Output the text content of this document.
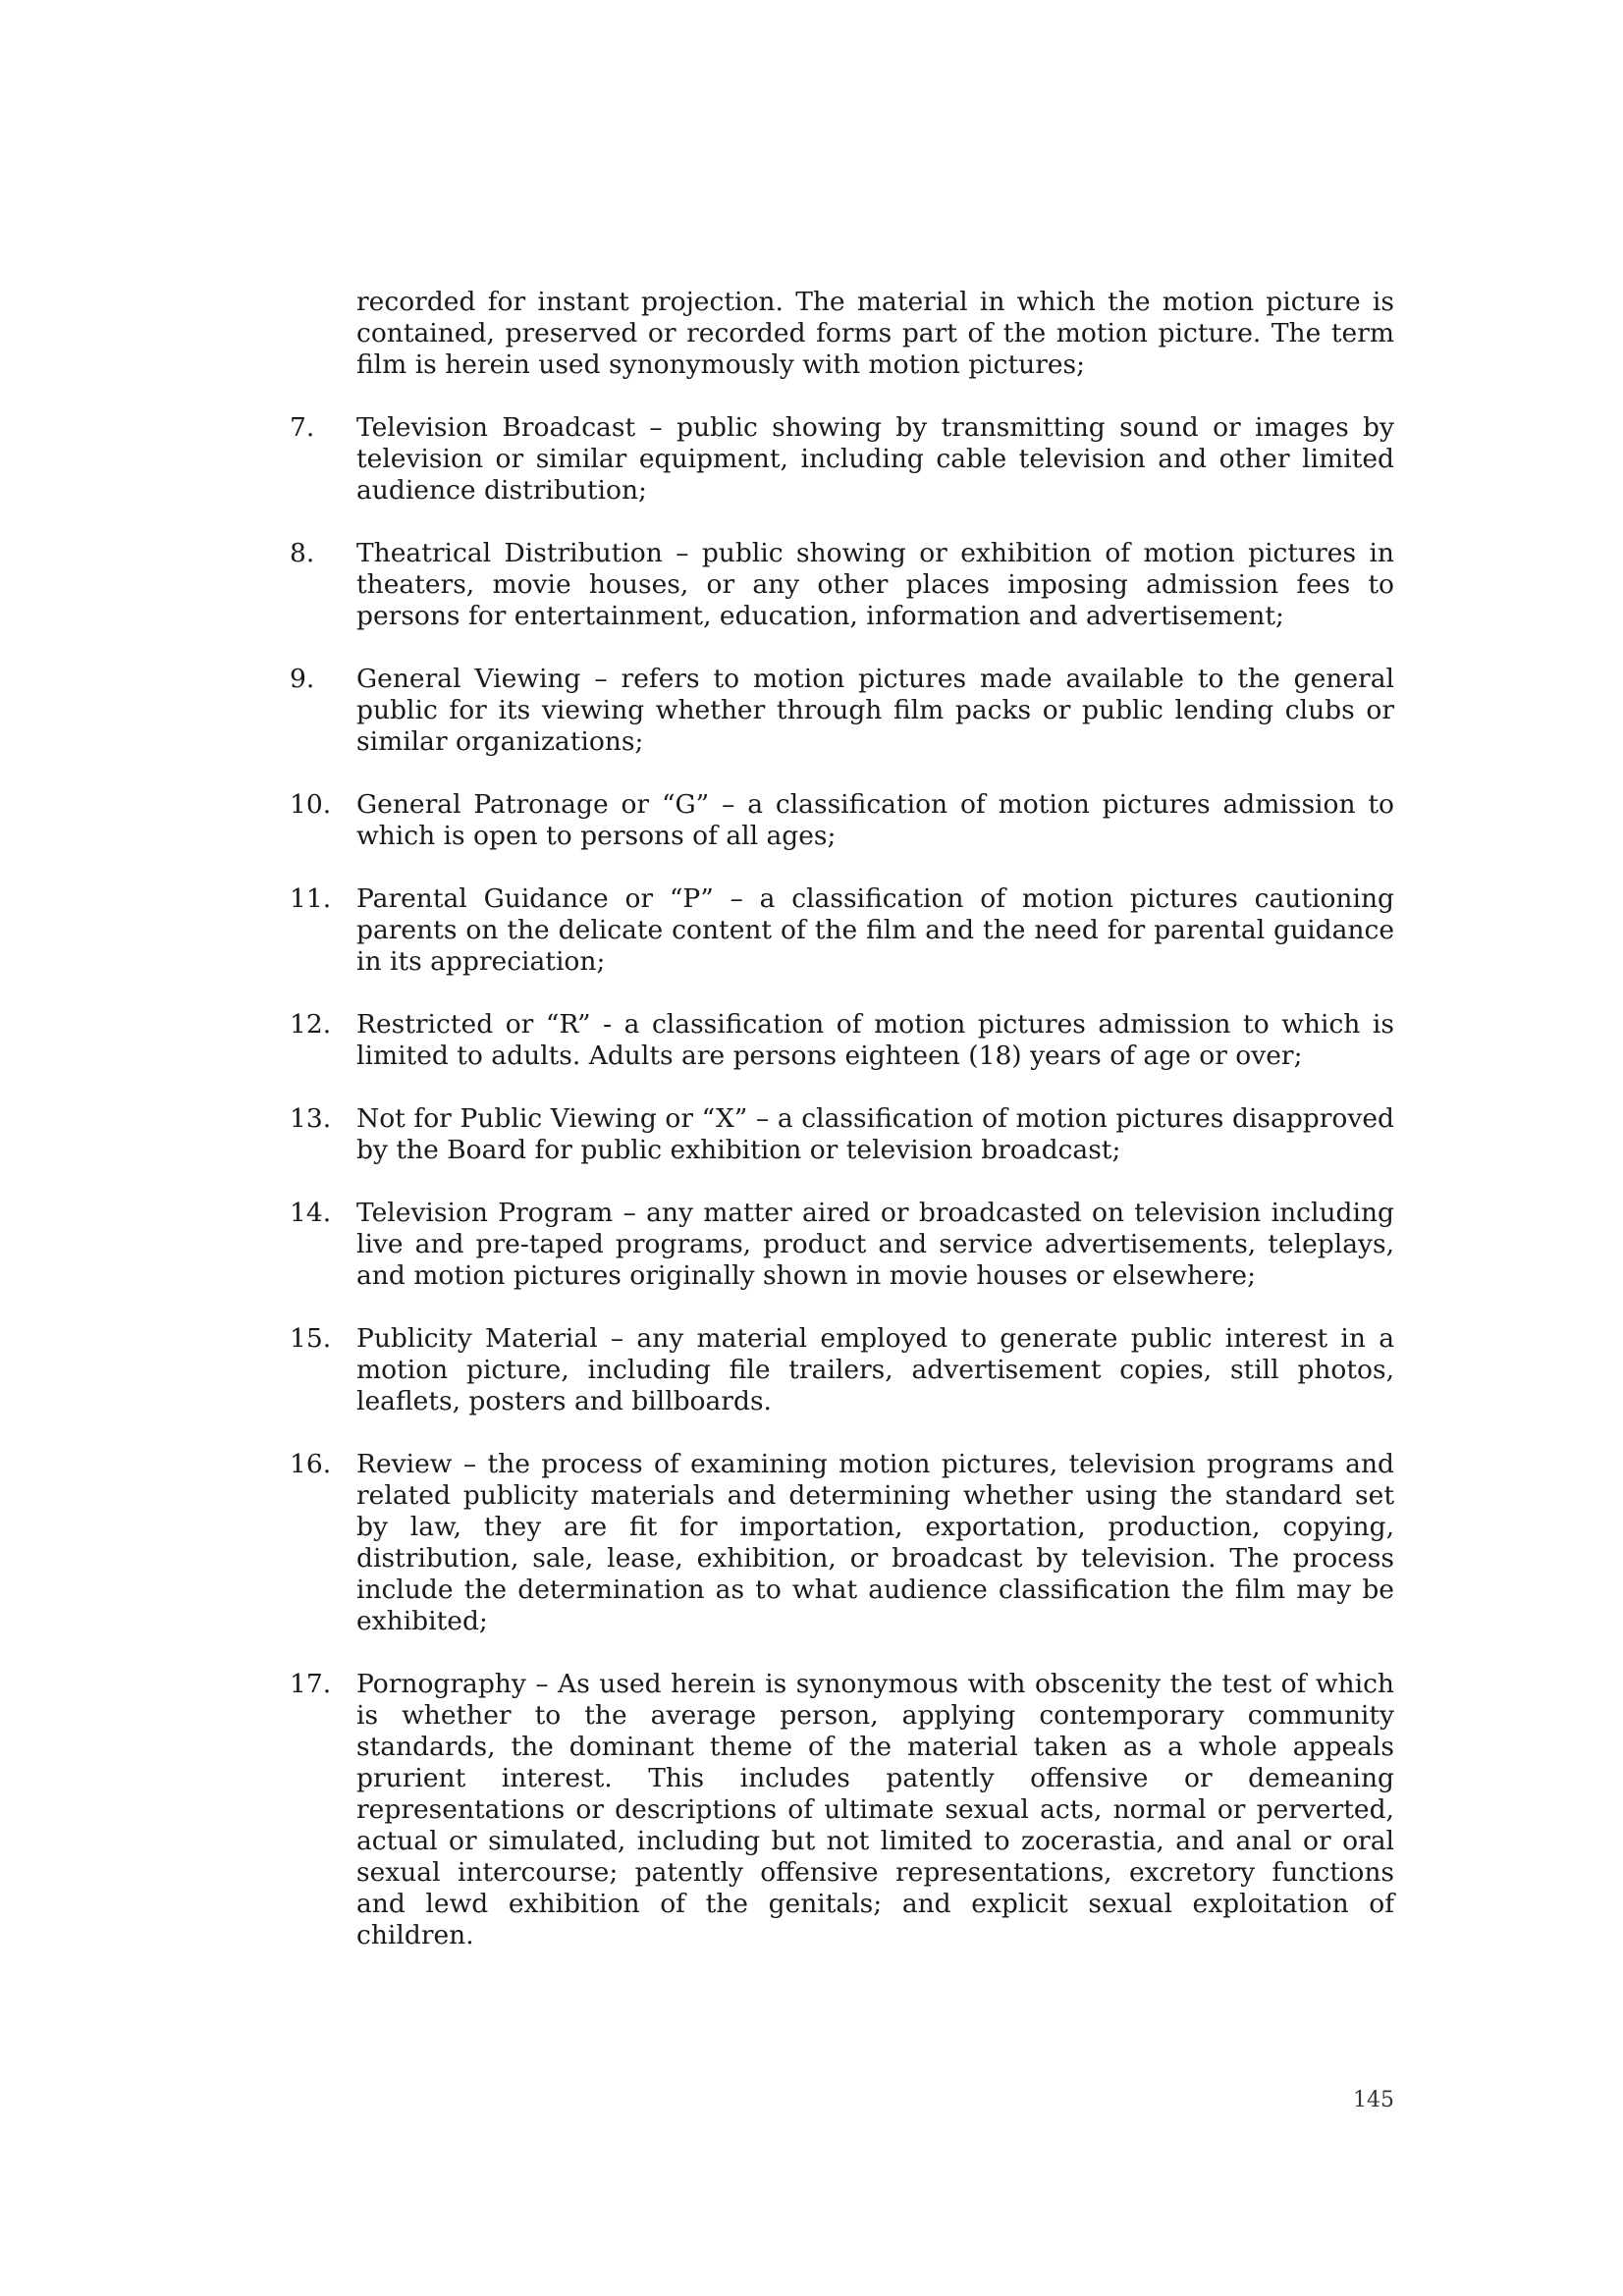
recorded for instant projection. The material in which the motion picture is contained, preserved or recorded forms part of the motion picture. The term film is herein used synonymously with motion pictures;

7. Television Broadcast – public showing by transmitting sound or images by television or similar equipment, including cable television and other limited audience distribution;

8. Theatrical Distribution – public showing or exhibition of motion pictures in theaters, movie houses, or any other places imposing admission fees to persons for entertainment, education, information and advertisement;

9. General Viewing – refers to motion pictures made available to the general public for its viewing whether through film packs or public lending clubs or similar organizations;

10. General Patronage or “G” – a classification of motion pictures admission to which is open to persons of all ages;

11. Parental Guidance or “P” – a classification of motion pictures cautioning parents on the delicate content of the film and the need for parental guidance in its appreciation;

12. Restricted or “R” - a classification of motion pictures admission to which is limited to adults. Adults are persons eighteen (18) years of age or over;

13. Not for Public Viewing or “X” – a classification of motion pictures disapproved by the Board for public exhibition or television broadcast;

14. Television Program – any matter aired or broadcasted on television including live and pre-taped programs, product and service advertisements, teleplays, and motion pictures originally shown in movie houses or elsewhere;

15. Publicity Material – any material employed to generate public interest in a motion picture, including file trailers, advertisement copies, still photos, leaflets, posters and billboards.

16. Review – the process of examining motion pictures, television programs and related publicity materials and determining whether using the standard set by law, they are fit for importation, exportation, production, copying, distribution, sale, lease, exhibition, or broadcast by television. The process include the determination as to what audience classification the film may be exhibited;

17. Pornography – As used herein is synonymous with obscenity the test of which is whether to the average person, applying contemporary community standards, the dominant theme of the material taken as a whole appeals prurient interest. This includes patently offensive or demeaning representations or descriptions of ultimate sexual acts, normal or perverted, actual or simulated, including but not limited to zocerastia, and anal or oral sexual intercourse; patently offensive representations, excretory functions and lewd exhibition of the genitals; and explicit sexual exploitation of children.

145
